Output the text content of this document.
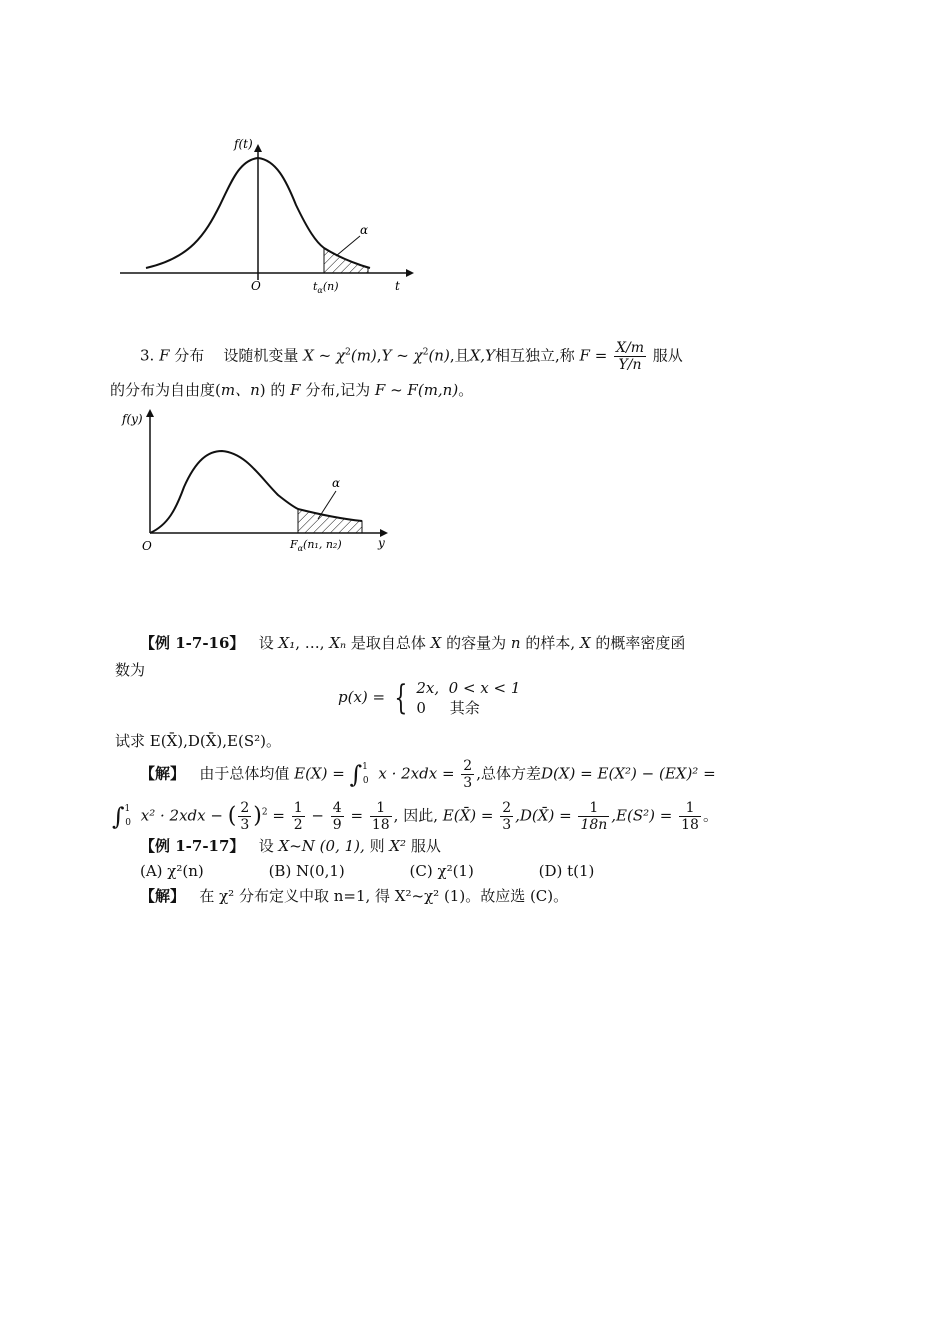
α
f(t)
O	t
$t_\alpha(n)$
3. F 分布 设随机变量 X ~ $\chi^2(m),Y$ ~ $\chi^2(n)$,且X,Y相互独立,称 $F = \frac{X/m}{Y/n}$ 服从
的分布为自由度(m、n) 的 F 分布,记为 F ~ F(m,n)。
α
f(y)
O	y
$F_\alpha(n_1$, n₂)
【例 1-7-16】 设 X₁, …, Xₙ 是取自总体 X 的容量为 n 的样本, X 的概率密度函
数为
p(x) = { 2x, 0 < x < 1
0 其余
试求 E(X̄),D(X̄),E(S²)。
【解】 由于总体均值 E(X) = ∫$^1_0$ $x \cdot 2xdx = \frac{2}{3}$ ,总体方差D(X) = E(X²) − (EX)² =
∫$^1_0$ x² · 2xdx − ( $\frac{2}{3} )^2 = \frac{1}{2} - \frac{4}{9} = \frac{1}{18}$ , 因此, E(X̄) = $\frac{2}{3}$ ,D(X̄) = $\frac{1}{18n} ,E(S^2) = \frac{1}{18}$ 。
【例 1-7-17】 设 X~N (0, 1), 则 X² 服从
(A) χ²(n)	(B) N(0,1)	(C) χ²(1)	(D) t(1)
【解】 在 χ² 分布定义中取 n=1, 得 X²~χ² (1)。故应选 (C)。
